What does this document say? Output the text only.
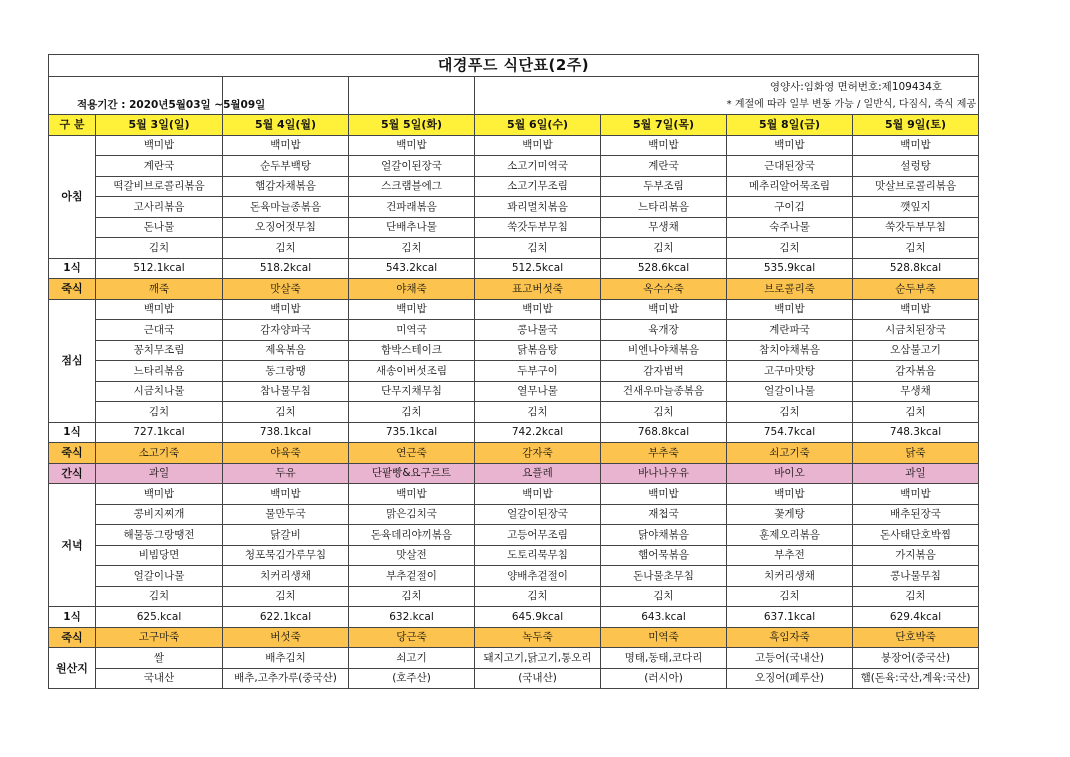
대경푸드 식단표(2주)							
				영양사:임화영 면허번호:제109434호			
적용기간 : 2020년5월03일 ~5월09일				* 계절에 따라 일부 변동 가능 / 일반식, 다짐식, 죽식 제공			
구 분	5월 3일(일)	5월 4일(월)	5월 5일(화)	5월 6일(수)	5월 7일(목)	5월 8일(금)	5월 9일(토)
아침	백미밥	백미밥	백미밥	백미밥	백미밥	백미밥	백미밥
	계란국	순두부백탕	얼갈이된장국	소고기미역국	계란국	근대된장국	설렁탕
	떡갈비브로콜리볶음	햄감자채볶음	스크램블에그	소고기무조림	두부조림	메추리알어묵조림	맛살브로콜리볶음
	고사리볶음	돈육마늘종볶음	건파래볶음	꽈리멸치볶음	느타리볶음	구이김	깻잎지
	돈나물	오징어젓무침	단배추나물	쑥갓두부무침	무생채	숙주나물	쑥갓두부무침
	김치	김치	김치	김치	김치	김치	김치
1식	512.1kcal	518.2kcal	543.2kcal	512.5kcal	528.6kcal	535.9kcal	528.8kcal
죽식	깨죽	맛살죽	야채죽	표고버섯죽	옥수수죽	브로콜리죽	순두부죽
점심	백미밥	백미밥	백미밥	백미밥	백미밥	백미밥	백미밥
	근대국	감자양파국	미역국	콩나물국	육개장	계란파국	시금치된장국
	꽁치무조림	제육볶음	함박스테이크	닭볶음탕	비엔나야채볶음	참치야채볶음	오삼불고기
	느타리볶음	동그랑땡	새송이버섯조림	두부구이	감자범벅	고구마맛탕	감자볶음
	시금치나물	참나물무침	단무지채무침	열무나물	건새우마늘종볶음	얼갈이나물	무생채
	김치	김치	김치	김치	김치	김치	김치
1식	727.1kcal	738.1kcal	735.1kcal	742.2kcal	768.8kcal	754.7kcal	748.3kcal
죽식	소고기죽	야육죽	연근죽	감자죽	부추죽	쇠고기죽	닭죽
간식	과일	두유	단팥빵&요구르트	요플레	바나나우유	바이오	과일
저녁	백미밥	백미밥	백미밥	백미밥	백미밥	백미밥	백미밥
	콩비지찌개	물만두국	맑은김치국	얼갈이된장국	재첩국	꽃게탕	배추된장국
	해물동그랑땡전	닭갈비	돈육데리야끼볶음	고등어무조림	닭야채볶음	훈제오리볶음	돈사태단호박찜
	비빔당면	청포묵김가루무침	맛살전	도토리묵무침	햄어묵볶음	부추전	가지볶음
	얼갈이나물	치커리생채	부추겉절이	양배추겉절이	돈나물초무침	치커리생채	콩나물무침
	김치	김치	김치	김치	김치	김치	김치
1식	625.kcal	622.1kcal	632.kcal	645.9kcal	643.kcal	637.1kcal	629.4kcal
죽식	고구마죽	버섯죽	당근죽	녹두죽	미역죽	흑임자죽	단호박죽
원산지	쌀	배추김치	쇠고기	돼지고기,닭고기,통오리	명태,동태,코다리	고등어(국내산)	붕장어(중국산)
	국내산	배추,고추가루(중국산)	(호주산)	(국내산)	(러시아)	오징어(페루산)	햄(돈육:국산,계육:국산)
